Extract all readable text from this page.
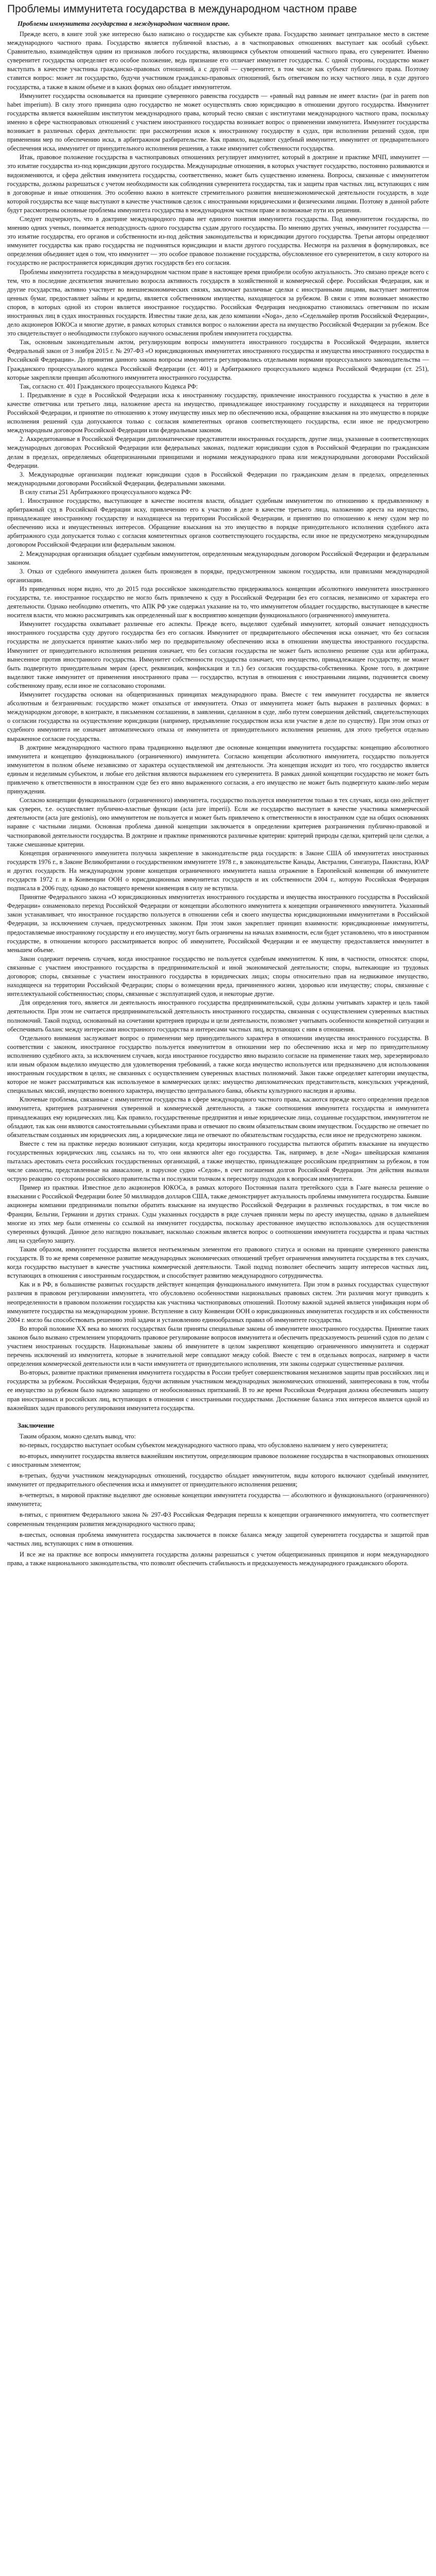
Проблемы иммунитета государства в международном частном праве

Проблемы иммунитета государства в международном частном праве.

Прежде всего, в книге этой уже интересно было написано о государстве как субъекте права. Государство занимает центральное место в системе международного частного права. Государство является публичной властью, а в частноправовых отношениях выступает как особый субъект. Сравнительно, взаимодействуя одним из признаков любого государства, являющимся субъектом отношений частного права, его суверенитет. Именно суверенитет государства определяет его особое положение, ведь признание его отличает иммунитет государства. С одной стороны, государство может выступать в качестве участника гражданско-правовых отношений, а с другой — суверенитет, в том числе как субъект публичного права. Поэтому ставится вопрос: может ли государство, будучи участником гражданско-правовых отношений, быть ответчиком по иску частного лица, в суде другого государства, а также в каком объеме и в каких формах оно обладает иммунитетом.

Иммунитет государства основывается на принципе суверенного равенства государств — «равный над равным не имеет власти» (par in parem non habet imperium). В силу этого принципа одно государство не может осуществлять свою юрисдикцию в отношении другого государства. Иммунитет государства является важнейшим институтом международного права, который тесно связан с институтами международного частного права, поскольку именно в сфере частноправовых отношений с участием иностранного государства возникает вопрос о применении иммунитета. Иммунитет государства возникает в различных сферах деятельности: при рассмотрении исков к иностранному государству в судах, при исполнении решений судов, при применении мер по обеспечению иска, в арбитражном разбирательстве. Как правило, выделяют судебный иммунитет, иммунитет от предварительного обеспечения иска, иммунитет от принудительного исполнения решения, а также иммунитет собственности государства.

Итак, правовое положение государства в частноправовых отношениях регулирует иммунитет, который в доктрине и практике МЧП, иммунитет — это изъятие государства из-под юрисдикции другого государства. Международные отношения, в которых участвует государство, постоянно развиваются и видоизменяются, и сфера действия иммунитета государства, соответственно, может быть существенно изменена. Вопросы, связанные с иммунитетом государства, должны разрешаться с учетом необходимости как соблюдения суверенитета государства, так и защиты прав частных лиц, вступающих с ним в договорные и иные отношения. Это особенно важно в контексте стремительного развития внешнеэкономической деятельности государств, в ходе которой государства все чаще выступают в качестве участников сделок с иностранными юридическими и физическими лицами. Поэтому в данной работе будут рассмотрены основные проблемы иммунитета государства в международном частном праве и возможные пути их решения.

Следует подчеркнуть, что в доктрине международного права нет единого понятия иммунитета государства. Под иммунитетом государства, по мнению одних ученых, понимается неподсудность одного государства судам другого государства. По мнению других ученых, иммунитет государства — это изъятие государства, его органов и собственности из-под действия законодательства и юрисдикции другого государства. Третьи авторы определяют иммунитет государства как право государства не подчиняться юрисдикции и власти другого государства. Несмотря на различия в формулировках, все определения объединяет идея о том, что иммунитет — это особое правовое положение государства, обусловленное его суверенитетом, в силу которого на государство не распространяется юрисдикция других государств без его согласия.

Проблемы иммунитета государства в международном частном праве в настоящее время приобрели особую актуальность. Это связано прежде всего с тем, что в последние десятилетия значительно возросла активность государств в хозяйственной и коммерческой сфере. Российская Федерация, как и другие государства, активно участвует во внешнеэкономических связях, заключает различные сделки с иностранными лицами, выступает эмитентом ценных бумаг, предоставляет займы и кредиты, является собственником имущества, находящегося за рубежом. В связи с этим возникает множество споров, в которых одной из сторон является иностранное государство. Российская Федерация неоднократно становилась ответчиком по искам иностранных лиц в судах иностранных государств. Известны такие дела, как дело компании «Noga», дело «Седельмайер против Российской Федерации», дело акционеров ЮКОСа и многие другие, в рамках которых ставился вопрос о наложении ареста на имущество Российской Федерации за рубежом. Все это свидетельствует о необходимости глубокого научного осмысления проблем иммунитета государства.

Так, основным законодательным актом, регулирующим вопросы иммунитета иностранного государства в Российской Федерации, является Федеральный закон от 3 ноября 2015 г. № 297-ФЗ «О юрисдикционных иммунитетах иностранного государства и имущества иностранного государства в Российской Федерации». До принятия данного закона вопросы иммунитета регулировались отдельными нормами процессуального законодательства — Гражданского процессуального кодекса Российской Федерации (ст. 401) и Арбитражного процессуального кодекса Российской Федерации (ст. 251), которые закрепляли принцип абсолютного иммунитета иностранного государства.

Так, согласно ст. 401 Гражданского процессуального Кодекса РФ:

1. Предъявление в суде в Российской Федерации иска к иностранному государству, привлечение иностранного государства к участию в деле в качестве ответчика или третьего лица, наложение ареста на имущество, принадлежащее иностранному государству и находящееся на территории Российской Федерации, и принятие по отношению к этому имуществу иных мер по обеспечению иска, обращение взыскания на это имущество в порядке исполнения решений суда допускаются только с согласия компетентных органов соответствующего государства, если иное не предусмотрено международным договором Российской Федерации или федеральным законом.

2. Аккредитованные в Российской Федерации дипломатические представители иностранных государств, другие лица, указанные в соответствующих международных договорах Российской Федерации или федеральных законах, подлежат юрисдикции судов в Российской Федерации по гражданским делам в пределах, определяемых общепризнанными принципами и нормами международного права или международными договорами Российской Федерации.

3. Международные организации подлежат юрисдикции судов в Российской Федерации по гражданским делам в пределах, определенных международными договорами Российской Федерации, федеральными законами.

В силу статьи 251 Арбитражного процессуального кодекса РФ:

1. Иностранное государство, выступающее в качестве носителя власти, обладает судебным иммунитетом по отношению к предъявленному в арбитражный суд в Российской Федерации иску, привлечению его к участию в деле в качестве третьего лица, наложению ареста на имущество, принадлежащее иностранному государству и находящееся на территории Российской Федерации, и принятию по отношению к нему судом мер по обеспечению иска и имущественных интересов. Обращение взыскания на это имущество в порядке принудительного исполнения судебного акта арбитражного суда допускается только с согласия компетентных органов соответствующего государства, если иное не предусмотрено международным договором Российской Федерации или федеральным законом.

2. Международная организация обладает судебным иммунитетом, определенным международным договором Российской Федерации и федеральным законом.

3. Отказ от судебного иммунитета должен быть произведен в порядке, предусмотренном законом государства, или правилами международной организации.

Из приведенных норм видно, что до 2015 года российское законодательство придерживалось концепции абсолютного иммунитета иностранного государства, т.е. иностранное государство не могло быть привлечено к суду в Российской Федерации без его согласия, независимо от характера его деятельности. Однако необходимо отметить, что АПК РФ уже содержал указание на то, что иммунитетом обладает государство, выступающее в качестве носителя власти, что можно рассматривать как определенный шаг к восприятию концепции функционального (ограниченного) иммунитета.

Иммунитет государства охватывает различные его аспекты. Прежде всего, выделяют судебный иммунитет, который означает неподсудность иностранного государства суду другого государства без его согласия. Иммунитет от предварительного обеспечения иска означает, что без согласия государства не допускается принятие каких-либо мер по предварительному обеспечению иска в отношении имущества иностранного государства. Иммунитет от принудительного исполнения решения означает, что без согласия государства не может быть исполнено решение суда или арбитража, вынесенное против иностранного государства. Иммунитет собственности государства означает, что имущество, принадлежащее государству, не может быть подвергнуто принудительным мерам (арест, реквизиция, конфискация и т.п.) без согласия государства-собственника. Кроме того, в доктрине выделяют также иммунитет от применения иностранного права — государство, вступая в отношения с иностранными лицами, подчиняется своему собственному праву, если иное не согласовано сторонами.

Иммунитет государства основан на общепризнанных принципах международного права. Вместе с тем иммунитет государства не является абсолютным и безграничным: государство может отказаться от иммунитета. Отказ от иммунитета может быть выражен в различных формах: в международном договоре, в контракте, в письменном соглашении, в заявлении, сделанном в суде, либо путем совершения действий, свидетельствующих о согласии государства на осуществление юрисдикции (например, предъявление государством иска или участие в деле по существу). При этом отказ от судебного иммунитета не означает автоматического отказа от иммунитета от принудительного исполнения решения, для этого требуется отдельно выраженное согласие государства.

В доктрине международного частного права традиционно выделяют две основные концепции иммунитета государства: концепцию абсолютного иммунитета и концепцию функционального (ограниченного) иммунитета. Согласно концепции абсолютного иммунитета, государство пользуется иммунитетом в полном объеме независимо от характера осуществляемой им деятельности. Эта концепция исходит из того, что государство является единым и неделимым субъектом, и любые его действия являются выражением его суверенитета. В рамках данной концепции государство не может быть привлечено к ответственности в иностранном суде без его явно выраженного согласия, а его имущество не может быть подвергнуто каким-либо мерам принуждения.

Согласно концепции функционального (ограниченного) иммунитета, государство пользуется иммунитетом только в тех случаях, когда оно действует как суверен, т.е. осуществляет публично-властные функции (acta jure imperii). Если же государство выступает в качестве участника коммерческой деятельности (acta jure gestionis), оно иммунитетом не пользуется и может быть привлечено к ответственности в иностранном суде на общих основаниях наравне с частными лицами. Основная проблема данной концепции заключается в определении критериев разграничения публично-правовой и частноправовой деятельности государства. В доктрине и практике применяются различные критерии: критерий природы сделки, критерий цели сделки, а также смешанные критерии.

Концепция ограниченного иммунитета получила закрепление в законодательстве ряда государств: в Законе США об иммунитетах иностранных государств 1976 г., в Законе Великобритании о государственном иммунитете 1978 г., в законодательстве Канады, Австралии, Сингапура, Пакистана, ЮАР и других государств. На международном уровне концепция ограниченного иммунитета нашла отражение в Европейской конвенции об иммунитете государств 1972 г. и в Конвенции ООН о юрисдикционных иммунитетах государств и их собственности 2004 г., которую Российская Федерация подписала в 2006 году, однако до настоящего времени конвенция в силу не вступила.

Принятие Федерального закона «О юрисдикционных иммунитетах иностранного государства и имущества иностранного государства в Российской Федерации» ознаменовало переход Российской Федерации от концепции абсолютного иммунитета к концепции ограниченного иммунитета. Указанный закон устанавливает, что иностранное государство пользуется в отношении себя и своего имущества юрисдикционными иммунитетами в Российской Федерации, за исключением случаев, предусмотренных законом. При этом закон закрепляет принцип взаимности: юрисдикционные иммунитеты, предоставляемые иностранному государству и его имуществу, могут быть ограничены на началах взаимности, если будет установлено, что в иностранном государстве, в отношении которого рассматривается вопрос об иммунитете, Российской Федерации и ее имуществу предоставляется иммунитет в меньшем объеме.

Закон содержит перечень случаев, когда иностранное государство не пользуется судебным иммунитетом. К ним, в частности, относятся: споры, связанные с участием иностранного государства в предпринимательской и иной экономической деятельности; споры, вытекающие из трудовых договоров; споры, связанные с участием иностранного государства в юридических лицах; споры относительно прав на недвижимое имущество, находящееся на территории Российской Федерации; споры о возмещении вреда, причиненного жизни, здоровью или имуществу; споры, связанные с интеллектуальной собственностью; споры, связанные с эксплуатацией судов, и некоторые другие.

Для определения того, является ли деятельность иностранного государства предпринимательской, суды должны учитывать характер и цель такой деятельности. При этом не считается предпринимательской деятельность иностранного государства, связанная с осуществлением суверенных властных полномочий. Такой подход, основанный на сочетании критериев природы и цели деятельности, позволяет учитывать особенности конкретной ситуации и обеспечивать баланс между интересами иностранного государства и интересами частных лиц, вступающих с ним в отношения.

Отдельного внимания заслуживает вопрос о применении мер принудительного характера в отношении имущества иностранного государства. В соответствии с законом, иностранное государство пользуется иммунитетом в отношении мер по обеспечению иска и мер по принудительному исполнению судебного акта, за исключением случаев, когда иностранное государство явно выразило согласие на применение таких мер, зарезервировало или иным образом выделило имущество для удовлетворения требований, а также когда имущество используется или предназначено для использования иностранным государством в целях, не связанных с осуществлением суверенных властных полномочий. Закон также определяет категории имущества, которое не может рассматриваться как используемое в коммерческих целях: имущество дипломатических представительств, консульских учреждений, специальных миссий, имущество военного характера, имущество центрального банка, объекты культурного наследия и архивы.

Ключевые проблемы, связанные с иммунитетом государства в сфере международного частного права, касаются прежде всего определения пределов иммунитета, критериев разграничения суверенной и коммерческой деятельности, а также соотношения иммунитета государства и иммунитета принадлежащих ему юридических лиц. Как правило, государственные предприятия и иные юридические лица, созданные государством, иммунитетом не обладают, так как они являются самостоятельными субъектами права и отвечают по своим обязательствам своим имуществом. Государство не отвечает по обязательствам созданных им юридических лиц, а юридические лица не отвечают по обязательствам государства, если иное не предусмотрено законом.

Вместе с тем на практике нередко возникают ситуации, когда кредиторы иностранного государства пытаются обратить взыскание на имущество государственных юридических лиц, ссылаясь на то, что они являются alter ego государства. Так, например, в деле «Noga» швейцарская компания пыталась арестовать счета российских государственных организаций, а также имущество, принадлежащее российским предприятиям за рубежом, в том числе самолеты, представленные на авиасалоне, и парусное судно «Седов», в счет погашения долгов Российской Федерации. Эти действия вызвали острую реакцию со стороны российского правительства и послужили толчком к пересмотру подходов к вопросам иммунитета.

Пример из практики. Известное дело акционеров ЮКОСа, в рамках которого Постоянная палата третейского суда в Гааге вынесла решение о взыскании с Российской Федерации более 50 миллиардов долларов США, также демонстрирует актуальность проблемы иммунитета государства. Бывшие акционеры компании предпринимали попытки обратить взыскание на имущество Российской Федерации в различных государствах, в том числе во Франции, Бельгии, Германии и других странах. Суды указанных государств в ряде случаев приняли меры по аресту имущества, однако в дальнейшем многие из этих мер были отменены со ссылкой на иммунитет государства, поскольку арестованное имущество использовалось для осуществления суверенных функций. Данное дело наглядно показывает, насколько сложным является вопрос о соотношении иммунитета государства и права частных лиц на судебную защиту.

Таким образом, иммунитет государства является неотъемлемым элементом его правового статуса и основан на принципе суверенного равенства государств. В то же время современное развитие международных экономических отношений требует ограничения иммунитета государства в тех случаях, когда государство выступает в качестве участника коммерческой деятельности. Такой подход позволяет обеспечить защиту интересов частных лиц, вступающих в отношения с иностранным государством, и способствует развитию международного сотрудничества.

Как и в РФ, в большинстве развитых государств действует концепция функционального иммунитета. При этом в разных государствах существуют различия в правовом регулировании иммунитета, что обусловлено особенностями национальных правовых систем. Эти различия могут приводить к неопределенности в правовом положении государства как участника частноправовых отношений. Поэтому важной задачей является унификация норм об иммунитете государства на международном уровне. Вступление в силу Конвенции ООН о юрисдикционных иммунитетах государств и их собственности 2004 г. могло бы способствовать решению этой задачи и установлению единообразных правил об иммунитете государства.

Во второй половине XX века во многих государствах были приняты специальные законы об иммунитете иностранного государства. Принятие таких законов было вызвано стремлением упорядочить правовое регулирование вопросов иммунитета и обеспечить предсказуемость решений судов по делам с участием иностранных государств. Национальные законы об иммунитете в целом закрепляют концепцию ограниченного иммунитета и содержат перечень исключений из иммунитета, которые в значительной мере совпадают между собой. Вместе с тем в отдельных вопросах, например в части определения коммерческой деятельности или в части иммунитета от принудительного исполнения, эти законы содержат существенные различия.

Во-вторых, развитие практики применения иммунитета государства в России требует совершенствования механизмов защиты прав российских лиц и государства за рубежом. Российская Федерация, будучи активным участником международных экономических отношений, заинтересована в том, чтобы ее имущество за рубежом было надежно защищено от необоснованных притязаний. В то же время Российская Федерация должна обеспечивать защиту прав иностранных и российских лиц, вступающих в отношения с иностранными государствами. Достижение баланса этих интересов является одной из важнейших задач правового регулирования иммунитета государства.

Заключение

Таким образом, можно сделать вывод, что:

во-первых, государство выступает особым субъектом международного частного права, что обусловлено наличием у него суверенитета;
во-вторых, иммунитет государства является важнейшим институтом, определяющим правовое положение государства в частноправовых отношениях с иностранным элементом;
в-третьих, будучи участником международных отношений, государство обладает иммунитетом, виды которого включают судебный иммунитет, иммунитет от предварительного обеспечения иска и иммунитет от принудительного исполнения решения;
в-четвертых, в мировой практике выделяют две основные концепции иммунитета государства — абсолютного и функционального (ограниченного) иммунитета;
в-пятых, с принятием Федерального закона № 297-ФЗ Российская Федерация перешла к концепции ограниченного иммунитета, что соответствует современным тенденциям развития международного частного права;
в-шестых, основная проблема иммунитета государства заключается в поиске баланса между защитой суверенитета государства и защитой прав частных лиц, вступающих с ним в отношения.

И все же на практике все вопросы иммунитета государства должны разрешаться с учетом общепризнанных принципов и норм международного права, а также национального законодательства, что позволит обеспечить стабильность и предсказуемость международного гражданского оборота.
